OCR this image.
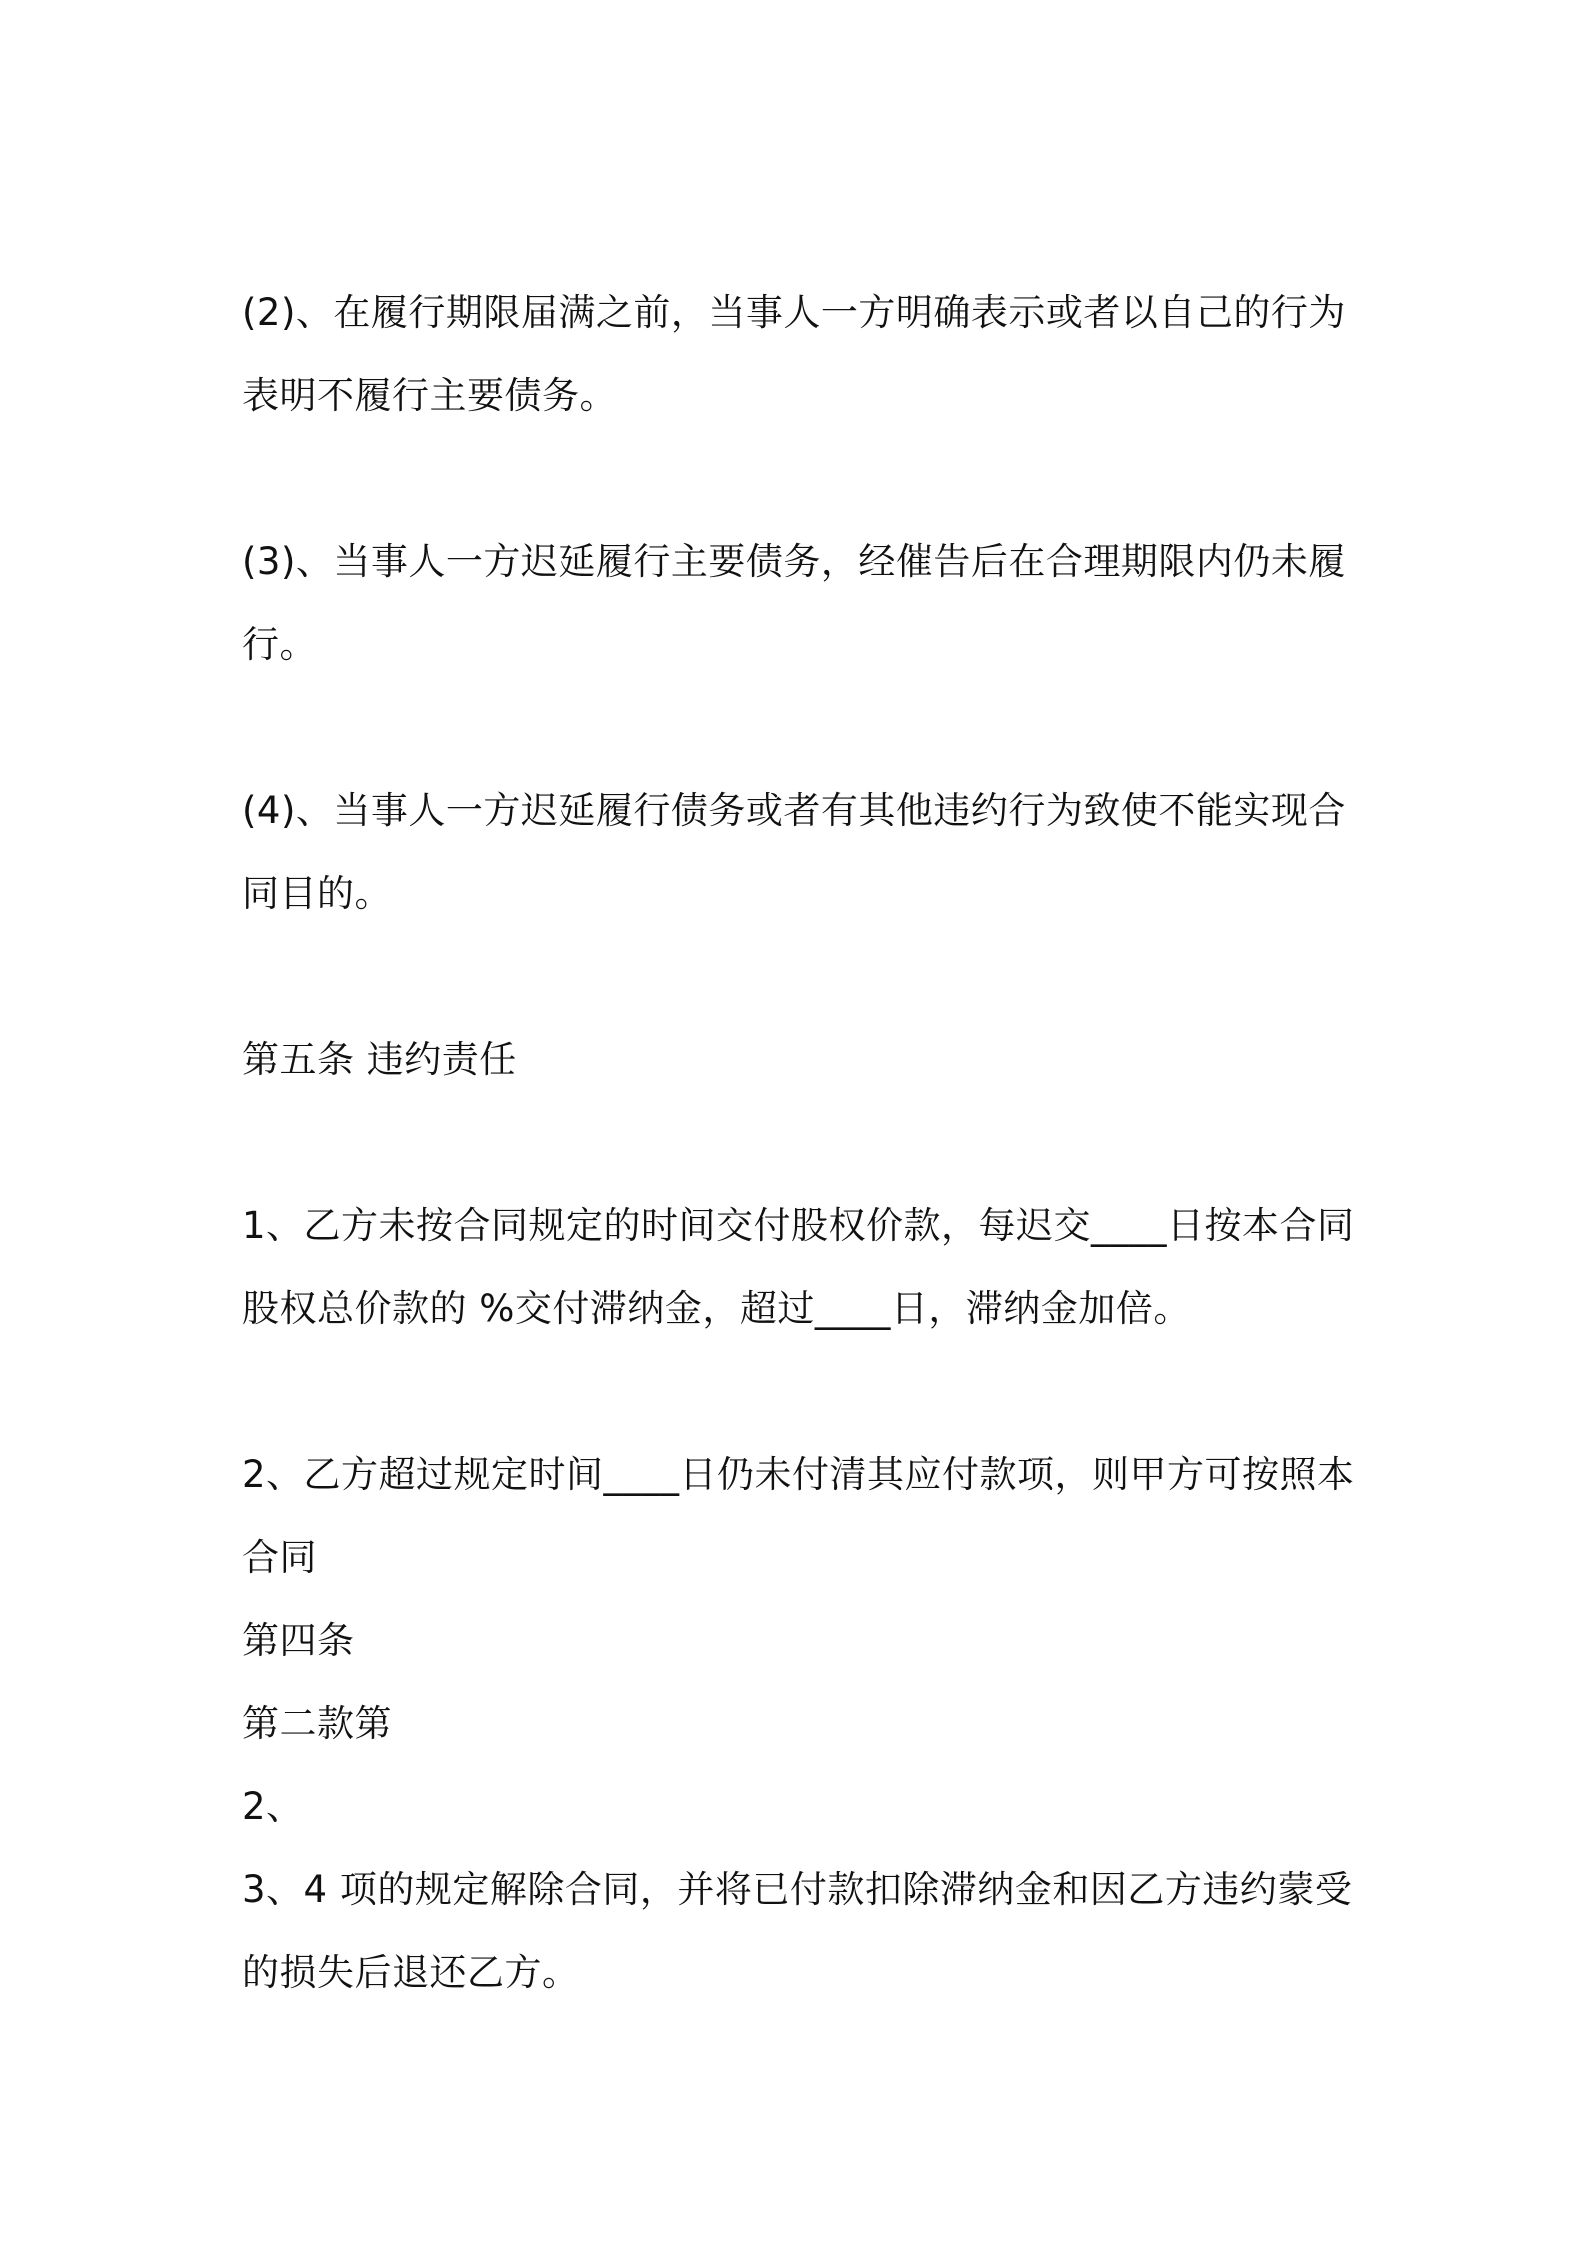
(2)、在履行期限届满之前，当事人一方明确表示或者以自己的行为
表明不履行主要债务。
(3)、当事人一方迟延履行主要债务，经催告后在合理期限内仍未履
行。
(4)、当事人一方迟延履行债务或者有其他违约行为致使不能实现合
同目的。
第五条 违约责任
1、乙方未按合同规定的时间交付股权价款，每迟交____日按本合同
股权总价款的 %交付滞纳金，超过____日，滞纳金加倍。
2、乙方超过规定时间____日仍未付清其应付款项，则甲方可按照本
合同
第四条
第二款第
2、
3、4 项的规定解除合同，并将已付款扣除滞纳金和因乙方违约蒙受
的损失后退还乙方。
